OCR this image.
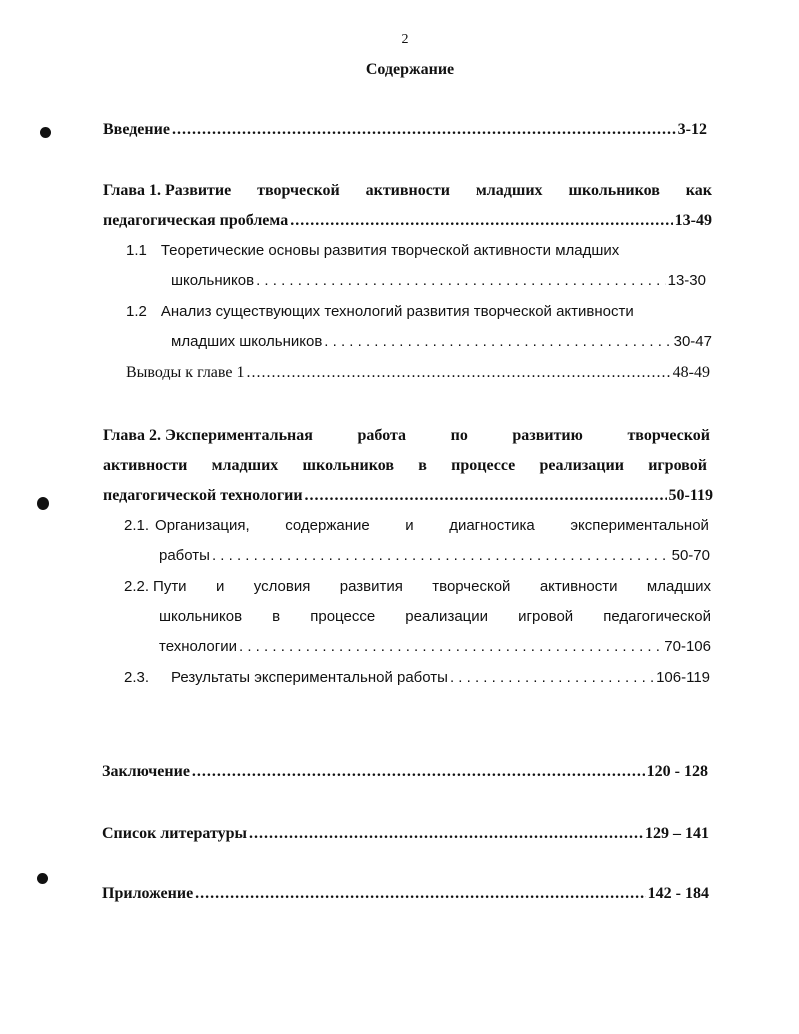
2
Содержание
Введение .....	3-12
Глава 1. Развитие творческой активности младших школьников как
педагогическая проблема .....	13-49
1.1 Теоретические основы развития творческой активности младших
школьников . . .	13-30
1.2 Анализ существующих технологий развития творческой активности
младших школьников . . .	30-47
Выводы к главе 1 .....	48-49
Глава 2. Экспериментальная	работа	по	развитию	творческой
активности младших школьников в процессе реализации игровой
педагогической технологии .....	50-119
2.1. Организация, содержание и диагностика экспериментальной
работы . . .	50-70
2.2. Пути и условия развития творческой активности младших
школьников в процессе реализации игровой педагогической
технологии . . .	70-106
2.3. Результаты экспериментальной работы . . .	106-119
Заключение .....	120 - 128
Список литературы .....	129 – 141
Приложение .....	142 - 184
